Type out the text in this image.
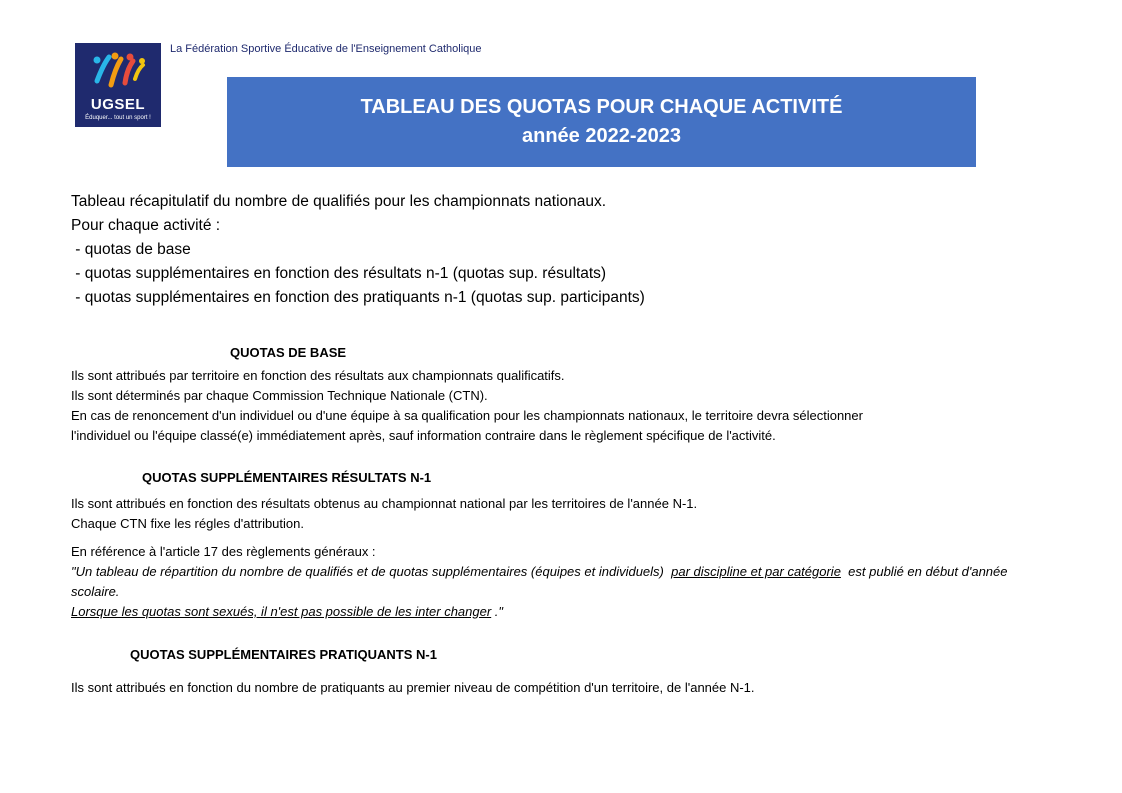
UGSEL
Éduquer... tout un sport !
La Fédération Sportive Éducative de l'Enseignement Catholique
TABLEAU DES QUOTAS POUR CHAQUE ACTIVITÉ
année 2022-2023
Tableau récapitulatif du nombre de qualifiés pour les championnats nationaux.
Pour chaque activité :
- quotas de base
- quotas supplémentaires en fonction des résultats n-1 (quotas sup. résultats)
- quotas supplémentaires en fonction des pratiquants n-1 (quotas sup. participants)
QUOTAS DE BASE
Ils sont attribués par territoire en fonction des résultats aux championnats qualificatifs.
Ils sont déterminés par chaque Commission Technique Nationale (CTN).
En cas de renoncement d'un individuel ou d'une équipe à sa qualification pour les championnats nationaux, le territoire devra sélectionner
l'individuel ou l'équipe classé(e) immédiatement après, sauf information contraire dans le règlement spécifique de l'activité.
QUOTAS SUPPLÉMENTAIRES RÉSULTATS N-1
Ils sont attribués en fonction des résultats obtenus au championnat national par les territoires de l'année N-1.
Chaque CTN fixe les régles d'attribution.
En référence à l'article 17 des règlements généraux :
"Un tableau de répartition du nombre de qualifiés et de quotas supplémentaires (équipes et individuels)  par discipline et par catégorie  est publié en début d'année scolaire.
Lorsque les quotas sont sexués, il n'est pas possible de les inter changer ."
QUOTAS SUPPLÉMENTAIRES PRATIQUANTS N-1
Ils sont attribués en fonction du nombre de pratiquants au premier niveau de compétition d'un territoire, de l'année N-1.
